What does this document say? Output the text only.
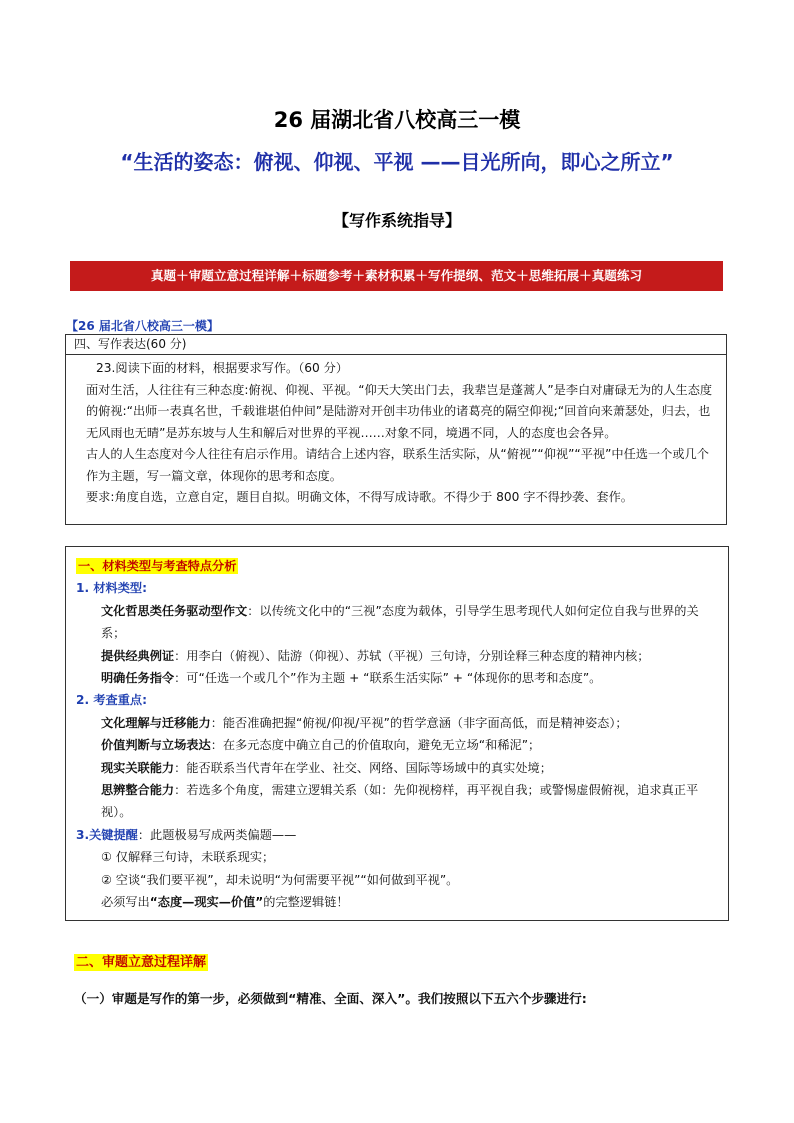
26 届湖北省八校高三一模
“生活的姿态：俯视、仰视、平视 ——目光所向，即心之所立”
【写作系统指导】
真题＋审题立意过程详解＋标题参考＋素材积累＋写作提纲、范文＋思维拓展＋真题练习
【26 届北省八校高三一模】
四、写作表达(60 分)

23.阅读下面的材料，根据要求写作。（60 分）

面对生活，人往往有三种态度:俯视、仰视、平视。“仰天大笑出门去，我辈岂是蓬蒿人”是李白对庸碌无为的人生态度的俯视:“出师一表真名世，千载谁堪伯仲间”是陆游对开创丰功伟业的诸葛亮的隔空仰视;“回首向来萧瑟处，归去，也无风雨也无晴”是苏东坡与人生和解后对世界的平视……对象不同，境遇不同，人的态度也会各异。

古人的人生态度对今人往往有启示作用。请结合上述内容，联系生活实际，从“俯视”“仰视”“平视”中任选一个或几个作为主题，写一篇文章，体现你的思考和态度。

要求:角度自选，立意自定，题目自拟。明确文体，不得写成诗歌。不得少于 800 字不得抄袭、套作。

一、材料类型与考查特点分析

1. 材料类型:

文化哲思类任务驱动型作文：以传统文化中的“三视”态度为载体，引导学生思考现代人如何定位自我与世界的关系；

提供经典例证：用李白（俯视）、陆游（仰视）、苏轼（平视）三句诗，分别诠释三种态度的精神内核；

明确任务指令：可“任选一个或几个”作为主题 + “联系生活实际” + “体现你的思考和态度”。

2. 考查重点:

文化理解与迁移能力：能否准确把握“俯视/仰视/平视”的哲学意涵（非字面高低，而是精神姿态）；

价值判断与立场表达：在多元态度中确立自己的价值取向，避免无立场“和稀泥”；

现实关联能力：能否联系当代青年在学业、社交、网络、国际等场域中的真实处境；

思辨整合能力：若选多个角度，需建立逻辑关系（如：先仰视榜样，再平视自我；或警惕虚假俯视，追求真正平视）。

3.关键提醒：此题极易写成两类偏题——

① 仅解释三句诗，未联系现实；

② 空谈“我们要平视”，却未说明“为何需要平视”“如何做到平视”。

必须写出“态度—现实—价值”的完整逻辑链！

二、审题立意过程详解
（一）审题是写作的第一步，必须做到“精准、全面、深入”。我们按照以下五六个步骤进行:
